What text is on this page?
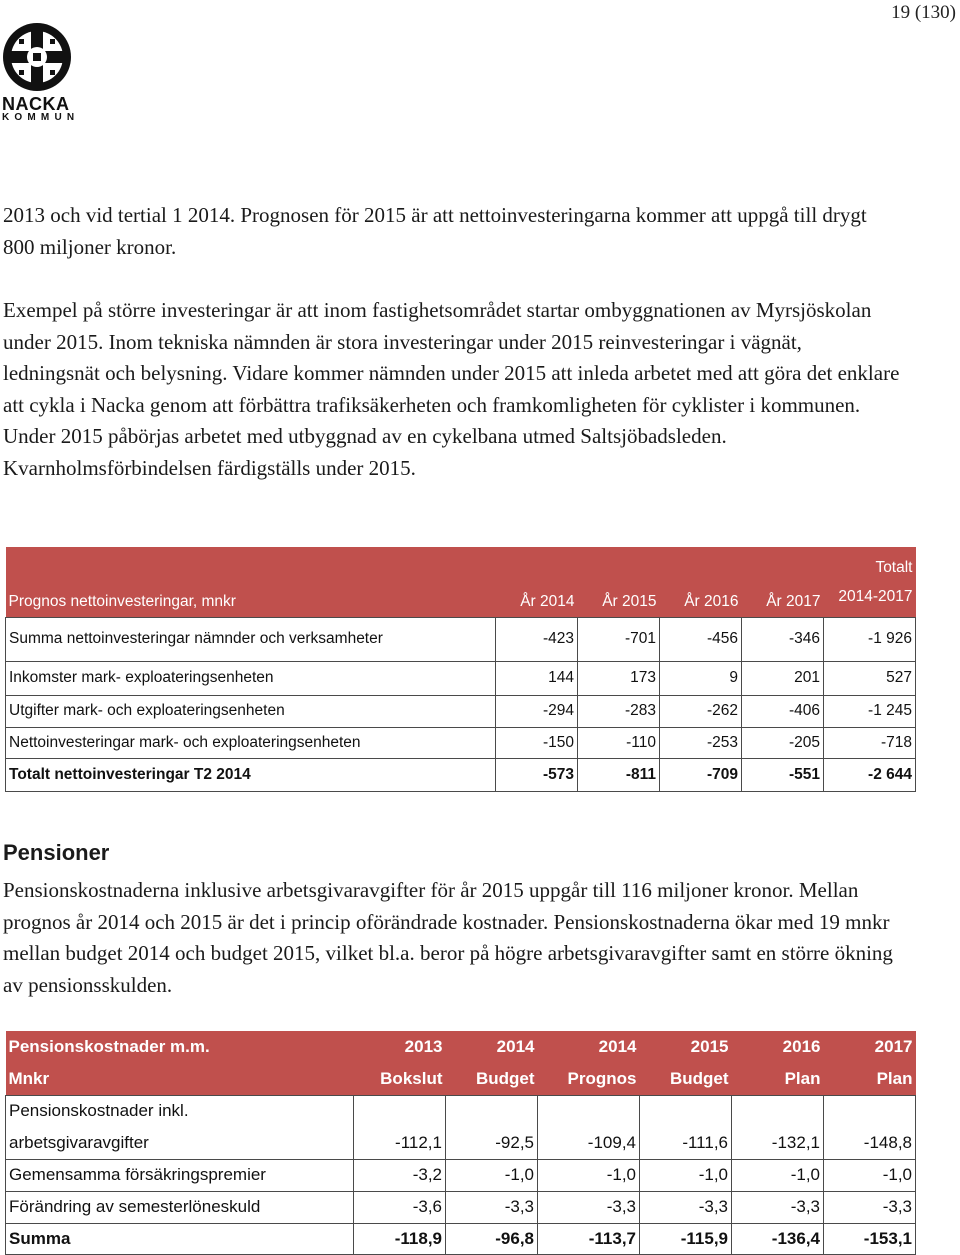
19 (130)
NACKA
KOMMUN

2013 och vid tertial 1 2014. Prognosen för 2015 är att nettoinvesteringarna kommer att uppgå till drygt 800 miljoner kronor.

Exempel på större investeringar är att inom fastighetsområdet startar ombyggnationen av Myrsjöskolan under 2015. Inom tekniska nämnden är stora investeringar under 2015 reinvesteringar i vägnät, ledningsnät och belysning. Vidare kommer nämnden under 2015 att inleda arbetet med att göra det enklare att cykla i Nacka genom att förbättra trafiksäkerheten och framkomligheten för cyklister i kommunen. Under 2015 påbörjas arbetet med utbyggnad av en cykelbana utmed Saltsjöbadsleden. Kvarnholmsförbindelsen färdigställs under 2015.

Prognos nettoinvesteringar, mnkr	År 2014	År 2015	År 2016	År 2017	Totalt
2014-2017
Summa nettoinvesteringar nämnder och verksamheter	-423	-701	-456	-346	-1 926
Inkomster mark- exploateringsenheten	144	173	9	201	527
Utgifter mark- och exploateringsenheten	-294	-283	-262	-406	-1 245
Nettoinvesteringar mark- och exploateringsenheten	-150	-110	-253	-205	-718
Totalt nettoinvesteringar T2 2014	-573	-811	-709	-551	-2 644
Pensioner

Pensionskostnaderna inklusive arbetsgivaravgifter för år 2015 uppgår till 116 miljoner kronor. Mellan prognos år 2014 och 2015 är det i princip oförändrade kostnader. Pensionskostnaderna ökar med 19 mnkr mellan budget 2014 och budget 2015, vilket bl.a. beror på högre arbetsgivaravgifter samt en större ökning av pensionsskulden.

Pensionskostnader m.m.	2013	2014	2014	2015	2016	2017
Mnkr	Bokslut	Budget	Prognos	Budget	Plan	Plan
Pensionskostnader inkl.						
arbetsgivaravgifter	-112,1	-92,5	-109,4	-111,6	-132,1	-148,8
Gemensamma försäkringspremier	-3,2	-1,0	-1,0	-1,0	-1,0	-1,0
Förändring av semesterlöneskuld	-3,6	-3,3	-3,3	-3,3	-3,3	-3,3
Summa	-118,9	-96,8	-113,7	-115,9	-136,4	-153,1
